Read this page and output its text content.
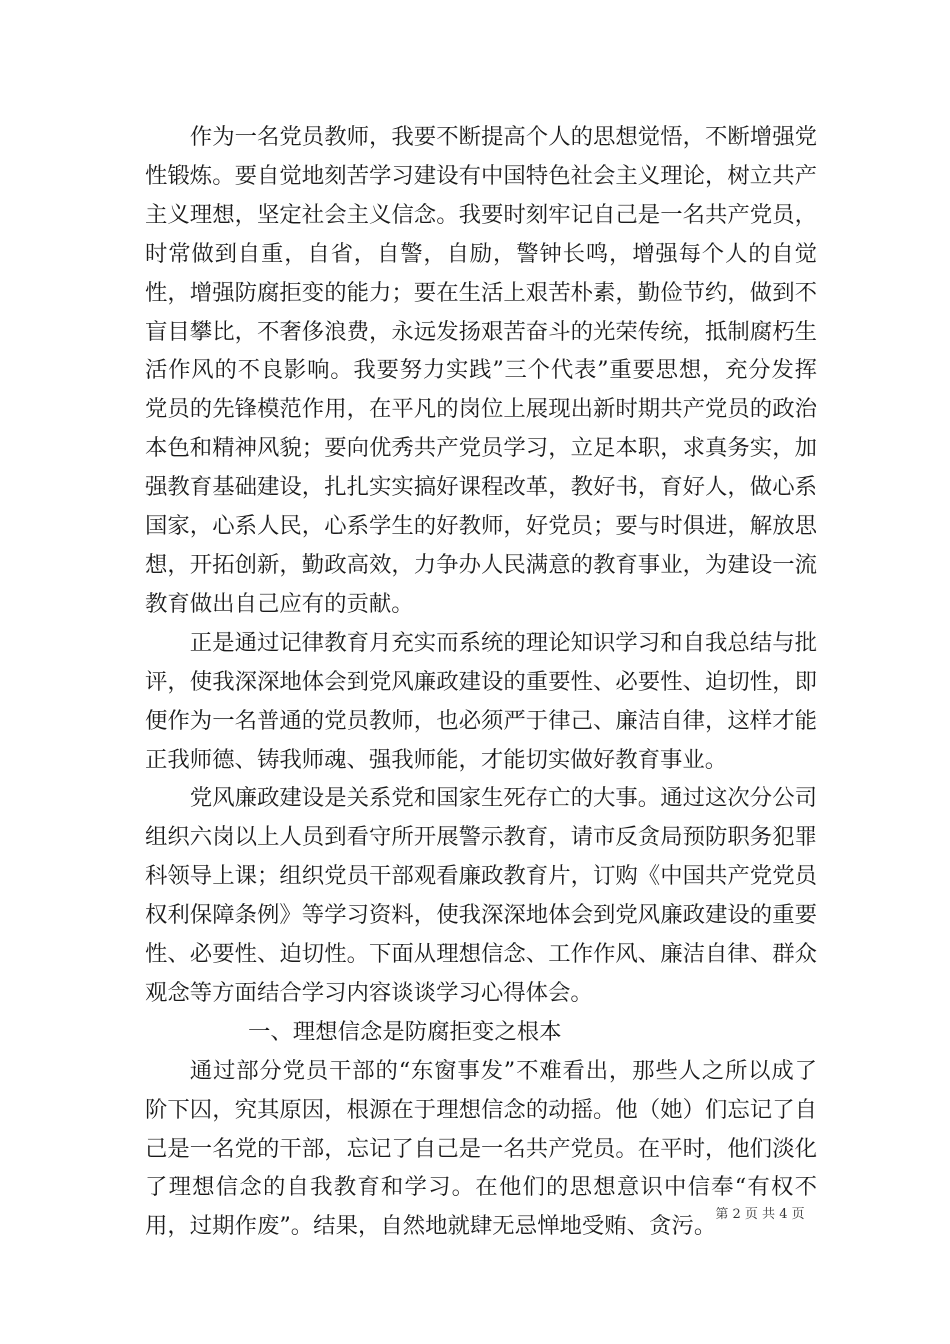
作为一名党员教师，我要不断提高个人的思想觉悟，不断增强党性锻炼。要自觉地刻苦学习建设有中国特色社会主义理论，树立共产主义理想，坚定社会主义信念。我要时刻牢记自己是一名共产党员，时常做到自重，自省，自警，自励，警钟长鸣，增强每个人的自觉性，增强防腐拒变的能力；要在生活上艰苦朴素，勤俭节约，做到不盲目攀比，不奢侈浪费，永远发扬艰苦奋斗的光荣传统，抵制腐朽生活作风的不良影响。我要努力实践”三个代表”重要思想，充分发挥党员的先锋模范作用，在平凡的岗位上展现出新时期共产党员的政治本色和精神风貌；要向优秀共产党员学习，立足本职，求真务实，加强教育基础建设，扎扎实实搞好课程改革，教好书，育好人，做心系国家，心系人民，心系学生的好教师，好党员；要与时俱进，解放思想，开拓创新，勤政高效，力争办人民满意的教育事业，为建设一流教育做出自己应有的贡献。

正是通过记律教育月充实而系统的理论知识学习和自我总结与批评，使我深深地体会到党风廉政建设的重要性、必要性、迫切性，即便作为一名普通的党员教师，也必须严于律己、廉洁自律，这样才能正我师德、铸我师魂、强我师能，才能切实做好教育事业。

党风廉政建设是关系党和国家生死存亡的大事。通过这次分公司组织六岗以上人员到看守所开展警示教育，请市反贪局预防职务犯罪科领导上课；组织党员干部观看廉政教育片，订购《中国共产党党员权利保障条例》等学习资料，使我深深地体会到党风廉政建设的重要性、必要性、迫切性。下面从理想信念、工作作风、廉洁自律、群众观念等方面结合学习内容谈谈学习心得体会。

一、理想信念是防腐拒变之根本

通过部分党员干部的“东窗事发”不难看出，那些人之所以成了阶下囚，究其原因，根源在于理想信念的动摇。他（她）们忘记了自己是一名党的干部，忘记了自己是一名共产党员。在平时，他们淡化了理想信念的自我教育和学习。在他们的思想意识中信奉“有权不用，过期作废”。结果，自然地就肆无忌惮地受贿、贪污。 第 2 页 共 4 页
